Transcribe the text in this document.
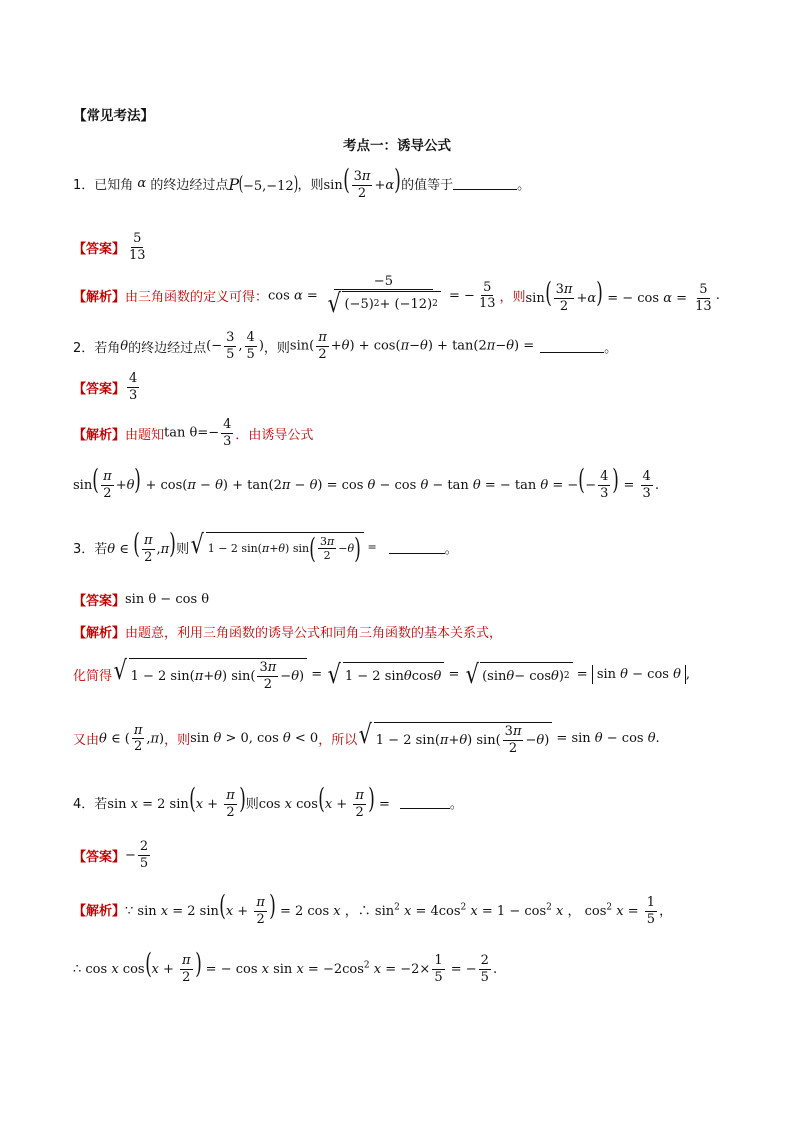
【常见考法】
考点一：诱导公式
1． 已知角 α 的终边经过点 P(−5,−12) ，则 $\sin( \frac{3\pi}{2} +\alpha)$ 的值等于	。
【答案】 $\frac{5}{13}$
【解析】 由三角函数的定义可得： $\cos \alpha = \frac{-5}{√ (-5) 2 + (-12) 2}$ = − $\frac{5}{13}$ ，则 $\sin( \frac{3\pi}{2} +\alpha)$ = − $\cos \alpha = \frac{5}{13}$ .
2． 若角 θ 的终边经过点 (− $\frac{3}{5}$ , $\frac{4}{5}$ ) ，则 $\sin( \frac{\pi}{2} +\theta) + \cos(\pi-\theta) + \tan(2\pi-\theta)$ =	。
【答案】 $\frac{4}{3}$
【解析】 由题知 $\tan \theta=- \frac{4}{3}$ ．由诱导公式
$\sin( \frac{\pi}{2} +\theta) + \cos(\pi - \theta) + \tan(2\pi - \theta) = \cos \theta - \cos \theta - \tan \theta$ = − tan θ = −(− $\frac{4}{3}$ ) = $\frac{4}{3}$ .
3． 若 θ ∈ ( $\frac{\pi}{2} ,\pi$) 则 √ 1 − 2 sin( π + θ ) sin ( $\frac{3\pi}{2} - \theta$ ) =	。
【答案】 sin θ − cos θ
【解析】 由题意，利用三角函数的诱导公式和同角三角函数的基本关系式，
化简得 √ 1 − 2 sin( π + θ ) $\sin( \frac{3\pi}{2} - \theta$ ) = √ 1 − 2 sin θ cos θ = √ (sin θ − cos θ ) 2 = sin θ − cos θ ,
又由 θ ∈ ( $\frac{\pi}{2} ,\pi$) ，则 sin θ > 0, cos θ < 0 ，所以 √ 1 − 2 sin( π + θ ) $\sin( \frac{3\pi}{2} - \theta$ ) = sin θ − cos θ.
4． 若 sin x = 2 $\sin(x + \frac{\pi}{2}$ ) 则 cos x $\cos(x + \frac{\pi}{2}$ ) =	。
【答案】 − $\frac{2}{5}$
【解析】 ∵ sin x = 2 $\sin(x + \frac{\pi}{2}$ ) = 2 cos x ，∴ $\sin^2 x = 4\cos^2$ $x = 1 - \cos^2 x$ ， $\cos^2 x = \frac{1}{5}$ ，
∴ cos x $\cos(x + \frac{\pi}{2}$ ) = − cos x $\sin x = -2\cos^2$ $x = -2\times \frac{1}{5}$ = − $\frac{2}{5}$ .
